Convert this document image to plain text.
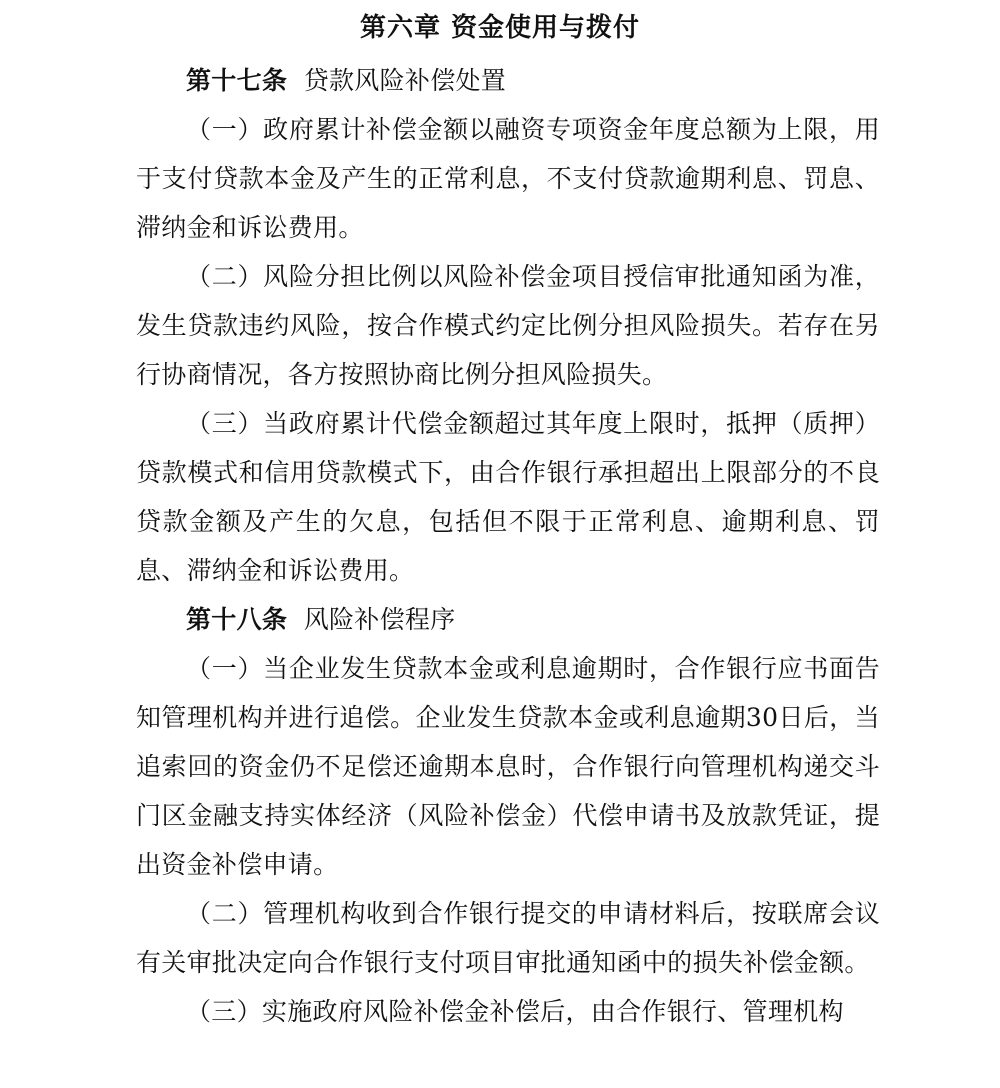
第六章 资金使用与拨付

第十七条 贷款风险补偿处置

（一）政府累计补偿金额以融资专项资金年度总额为上限，用于支付贷款本金及产生的正常利息，不支付贷款逾期利息、罚息、滞纳金和诉讼费用。

（二）风险分担比例以风险补偿金项目授信审批通知函为准，发生贷款违约风险，按合作模式约定比例分担风险损失。若存在另行协商情况，各方按照协商比例分担风险损失。

（三）当政府累计代偿金额超过其年度上限时，抵押（质押）贷款模式和信用贷款模式下，由合作银行承担超出上限部分的不良贷款金额及产生的欠息，包括但不限于正常利息、逾期利息、罚息、滞纳金和诉讼费用。

第十八条 风险补偿程序

（一）当企业发生贷款本金或利息逾期时，合作银行应书面告知管理机构并进行追偿。企业发生贷款本金或利息逾期30日后，当追索回的资金仍不足偿还逾期本息时，合作银行向管理机构递交斗门区金融支持实体经济（风险补偿金）代偿申请书及放款凭证，提出资金补偿申请。

（二）管理机构收到合作银行提交的申请材料后，按联席会议有关审批决定向合作银行支付项目审批通知函中的损失补偿金额。

（三）实施政府风险补偿金补偿后，由合作银行、管理机构
